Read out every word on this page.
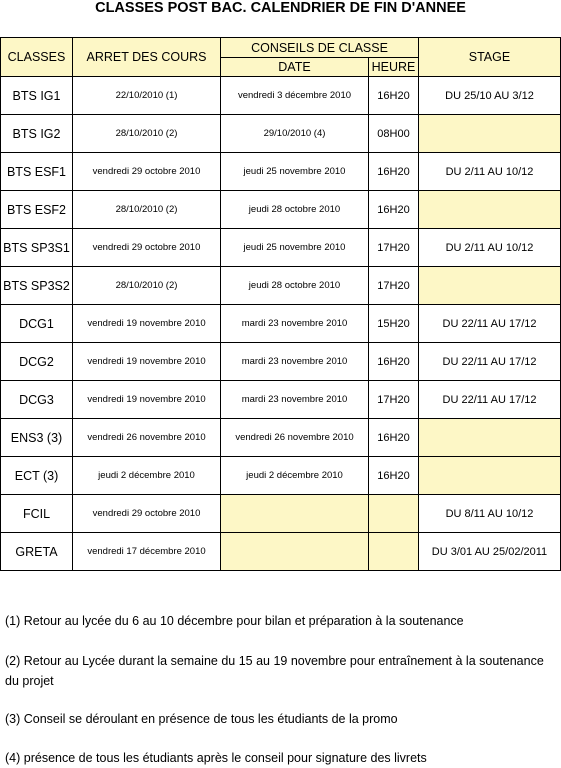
CLASSES POST BAC. CALENDRIER DE FIN D'ANNEE
CLASSES	ARRET DES COURS	CONSEILS DE CLASSE		STAGE
		DATE	HEURE	
BTS IG1	22/10/2010 (1)	vendredi 3 décembre 2010	16H20	DU 25/10 AU 3/12
BTS IG2	28/10/2010 (2)	29/10/2010 (4)	08H00	
BTS ESF1	vendredi 29 octobre 2010	jeudi 25 novembre 2010	16H20	DU 2/11 AU 10/12
BTS ESF2	28/10/2010 (2)	jeudi 28 octobre 2010	16H20	
BTS SP3S1	vendredi 29 octobre 2010	jeudi 25 novembre 2010	17H20	DU 2/11 AU 10/12
BTS SP3S2	28/10/2010 (2)	jeudi 28 octobre 2010	17H20	
DCG1	vendredi 19 novembre 2010	mardi 23 novembre 2010	15H20	DU 22/11 AU 17/12
DCG2	vendredi 19 novembre 2010	mardi 23 novembre 2010	16H20	DU 22/11 AU 17/12
DCG3	vendredi 19 novembre 2010	mardi 23 novembre 2010	17H20	DU 22/11 AU 17/12
ENS3 (3)	vendredi 26 novembre 2010	vendredi 26 novembre 2010	16H20	
ECT (3)	jeudi 2 décembre 2010	jeudi 2 décembre 2010	16H20	
FCIL	vendredi 29 octobre 2010			DU 8/11 AU 10/12
GRETA	vendredi 17 décembre 2010			DU 3/01 AU 25/02/2011
(1) Retour au lycée du 6 au 10 décembre pour bilan et préparation à la soutenance
(2) Retour au Lycée durant la semaine du 15 au 19 novembre pour entraînement à la soutenance du projet
(3) Conseil se déroulant en présence de tous les étudiants de la promo
(4) présence de tous les étudiants après le conseil pour signature des livrets
